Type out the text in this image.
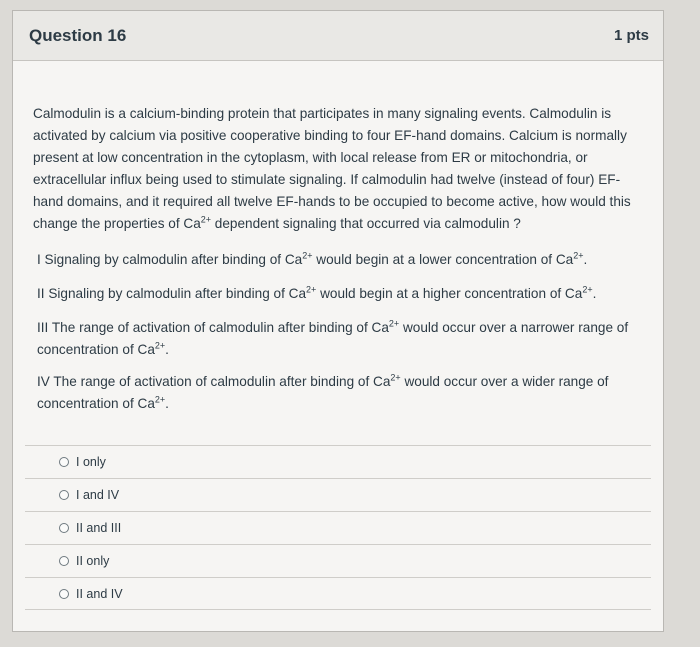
Question 16	1 pts

Calmodulin is a calcium-binding protein that participates in many signaling events. Calmodulin is activated by calcium via positive cooperative binding to four EF-hand domains. Calcium is normally present at low concentration in the cytoplasm, with local release from ER or mitochondria, or extracellular influx being used to stimulate signaling. If calmodulin had twelve (instead of four) EF-hand domains, and it required all twelve EF-hands to be occupied to become active, how would this change the properties of $Ca^{2+}$ dependent signaling that occurred via calmodulin ?

I Signaling by calmodulin after binding of $Ca^{2+}$ would begin at a lower concentration of $Ca^{2+}$.

II Signaling by calmodulin after binding of $Ca^{2+}$ would begin at a higher concentration of $Ca^{2+}$.

III The range of activation of calmodulin after binding of $Ca^{2+}$ would occur over a narrower range of concentration of $Ca^{2+}$.

IV The range of activation of calmodulin after binding of $Ca^{2+}$ would occur over a wider range of concentration of $Ca^{2+}$.

I only
I and IV
II and III
II only
II and IV
